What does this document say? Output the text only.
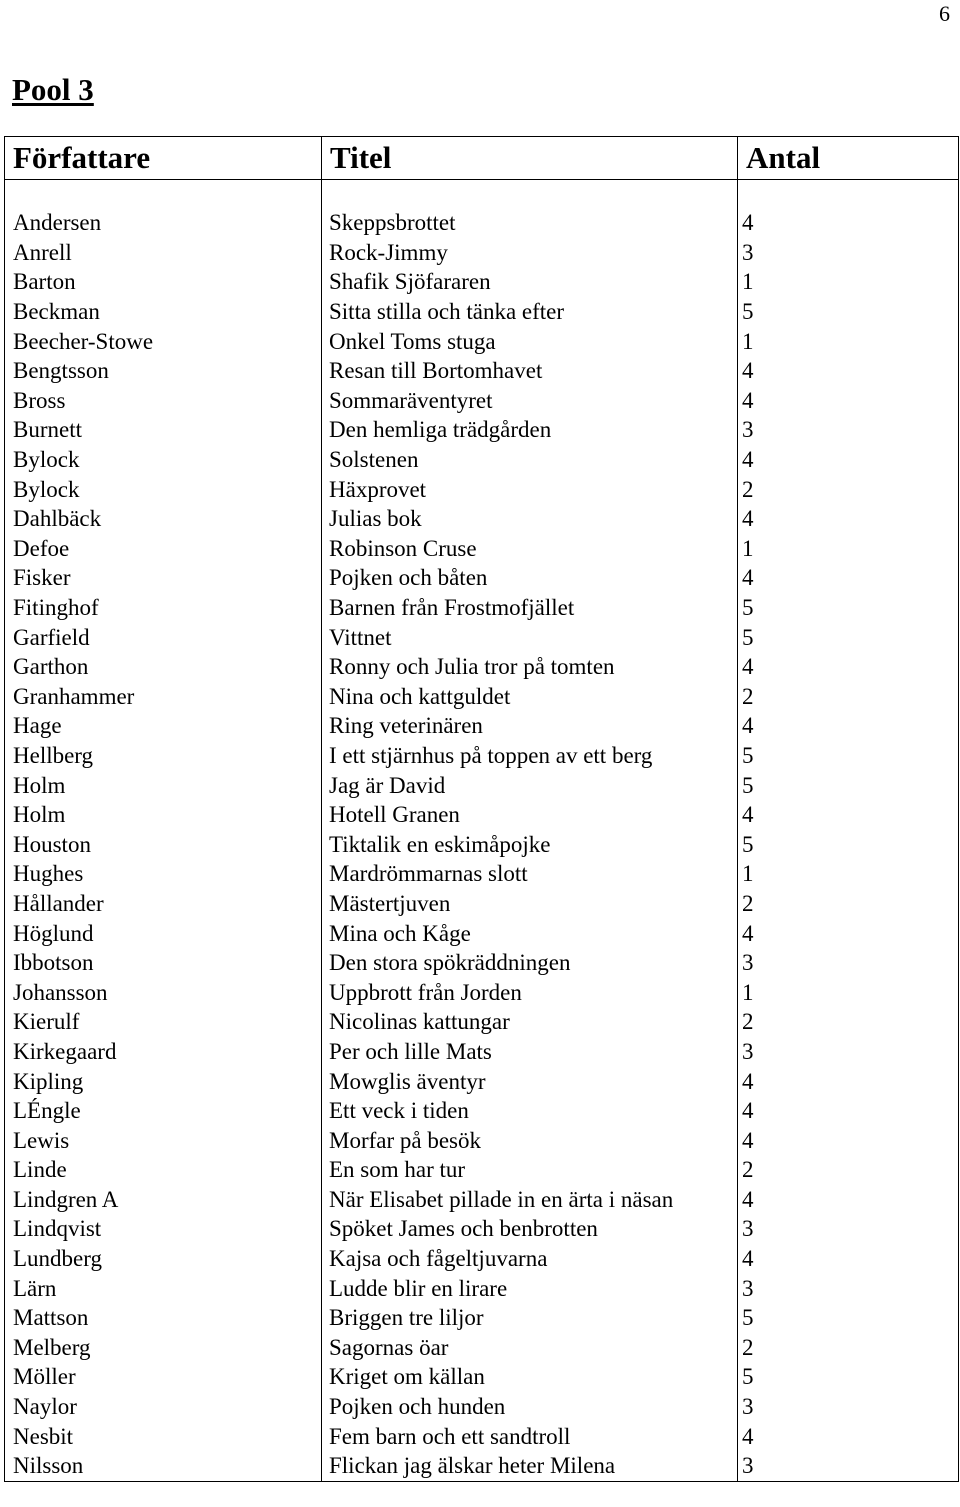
6
Pool 3
Författare	Titel	Antal

Andersen	Skeppsbrottet	4
Anrell	Rock-Jimmy	3
Barton	Shafik Sjöfararen	1
Beckman	Sitta stilla och tänka efter	5
Beecher-Stowe	Onkel Toms stuga	1
Bengtsson	Resan till Bortomhavet	4
Bross	Sommaräventyret	4
Burnett	Den hemliga trädgården	3
Bylock	Solstenen	4
Bylock	Häxprovet	2
Dahlbäck	Julias bok	4
Defoe	Robinson Cruse	1
Fisker	Pojken och båten	4
Fitinghof	Barnen från Frostmofjället	5
Garfield	Vittnet	5
Garthon	Ronny och Julia tror på tomten	4
Granhammer	Nina och kattguldet	2
Hage	Ring veterinären	4
Hellberg	I ett stjärnhus på toppen av ett berg	5
Holm	Jag är David	5
Holm	Hotell Granen	4
Houston	Tiktalik en eskimåpojke	5
Hughes	Mardrömmarnas slott	1
Hållander	Mästertjuven	2
Höglund	Mina och Kåge	4
Ibbotson	Den stora spökräddningen	3
Johansson	Uppbrott från Jorden	1
Kierulf	Nicolinas kattungar	2
Kirkegaard	Per och lille Mats	3
Kipling	Mowglis äventyr	4
LÉngle	Ett veck i tiden	4
Lewis	Morfar på besök	4
Linde	En som har tur	2
Lindgren A	När Elisabet pillade in en ärta i näsan	4
Lindqvist	Spöket James och benbrotten	3
Lundberg	Kajsa och fågeltjuvarna	4
Lärn	Ludde blir en lirare	3
Mattson	Briggen tre liljor	5
Melberg	Sagornas öar	2
Möller	Kriget om källan	5
Naylor	Pojken och hunden	3
Nesbit	Fem barn och ett sandtroll	4
Nilsson	Flickan jag älskar heter Milena	3
